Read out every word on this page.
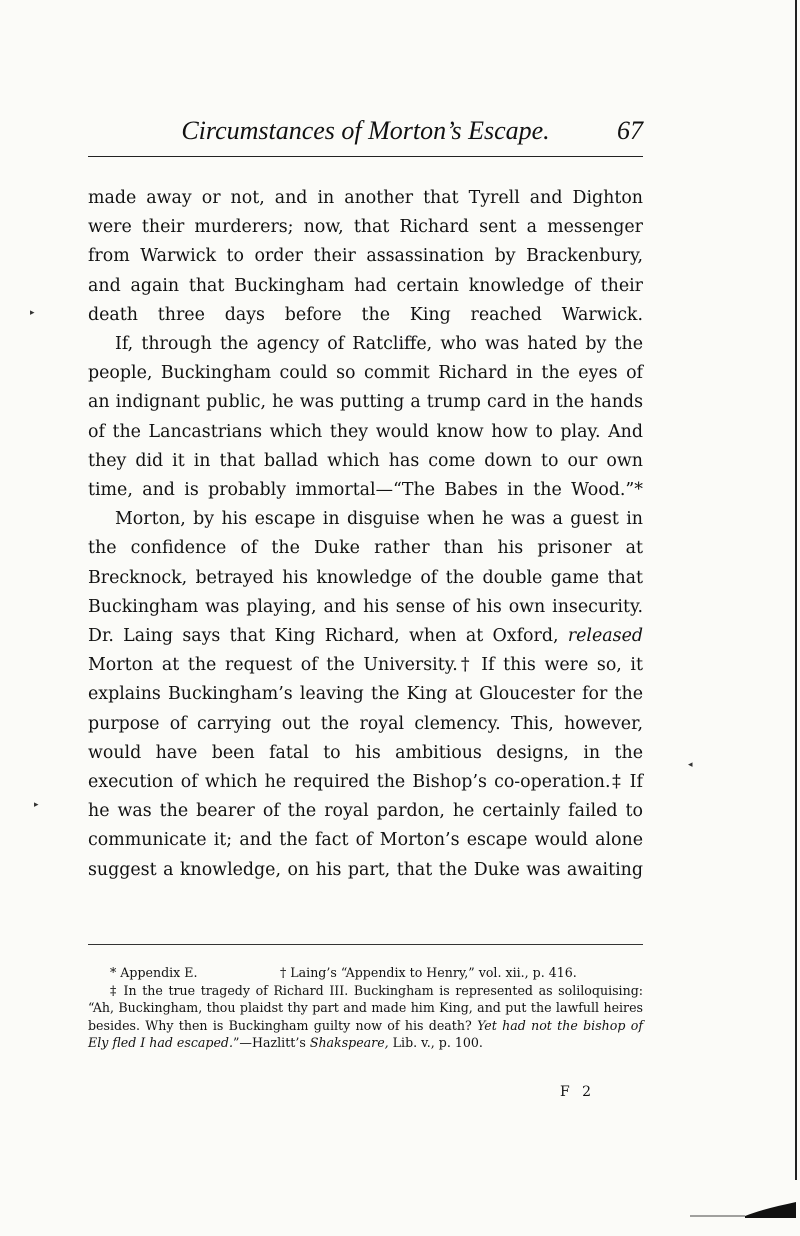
Circumstances of Morton’s Escape.	67

made away or not, and in another that Tyrell and Dighton were their murderers; now, that Richard sent a messenger from Warwick to order their assassination by Brackenbury, and again that Buckingham had certain knowledge of their death three days before the King reached Warwick.

If, through the agency of Ratcliffe, who was hated by the people, Buckingham could so commit Richard in the eyes of an indignant public, he was putting a trump card in the hands of the Lancastrians which they would know how to play. And they did it in that ballad which has come down to our own time, and is probably immortal—“The Babes in the Wood.”*

Morton, by his escape in disguise when he was a guest in the confidence of the Duke rather than his prisoner at Brecknock, betrayed his knowledge of the double game that Buckingham was playing, and his sense of his own insecurity. Dr. Laing says that King Richard, when at Oxford, released Morton at the request of the University.† If this were so, it explains Buckingham’s leaving the King at Gloucester for the purpose of carrying out the royal clemency. This, however, would have been fatal to his ambitious designs, in the execution of which he required the Bishop’s co-operation.‡ If he was the bearer of the royal pardon, he certainly failed to communicate it; and the fact of Morton’s escape would alone suggest a knowledge, on his part, that the Duke was awaiting

* Appendix E.	† Laing’s “Appendix to Henry,” vol. xii., p. 416.

‡ In the true tragedy of Richard III. Buckingham is represented as soliloquising: “Ah, Buckingham, thou plaidst thy part and made him King, and put the lawfull heires besides. Why then is Buckingham guilty now of his death? Yet had not the bishop of Ely fled I had escaped.”—Hazlitt’s Shakspeare, Lib. v., p. 100.

F 2
▸
▸
◂
